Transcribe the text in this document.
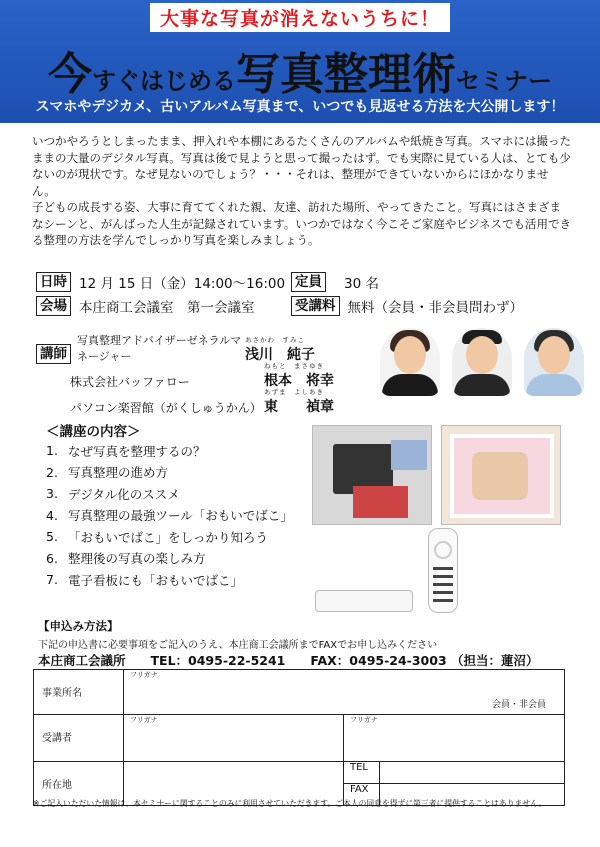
大事な写真が消えないうちに！
今すぐはじめる写真整理術セミナー
スマホやデジカメ、古いアルバム写真まで、いつでも見返せる方法を大公開します！

いつかやろうとしまったまま、押入れや本棚にあるたくさんのアルバムや紙焼き写真。スマホには撮ったままの大量のデジタル写真。写真は後で見ようと思って撮ったはず。でも実際に見ている人は、とても少ないのが現状です。なぜ見ないのでしょう？・・・それは、整理ができていないからにほかなりません。

子どもの成長する姿、大事に育ててくれた親、友達、訪れた場所、やってきたこと。写真にはさまざまなシーンと、がんばった人生が記録されています。いつかではなく今こそご家庭やビジネスでも活用できる整理の方法を学んでしっかり写真を楽しみましょう。

日時 12 月 15 日（金）14:00～16:00 定員 30 名
会場 本庄商工会議室　第一会議室	受講料 無料（会員・非会員問わず）
講師
写真整理アドバイザーゼネラルマネージャー
あさかわ　すみこ
浅川　純子
株式会社バッファロー
ねもと　まさゆき
根本　将幸
パソコン楽習館（がくしゅうかん）
あずま　よしあき
東　　禎章
＜講座の内容＞
1. なぜ写真を整理するの？
2. 写真整理の進め方
3. デジタル化のススメ
4. 写真整理の最強ツール「おもいでばこ」
5. 「おもいでばこ」をしっかり知ろう
6. 整理後の写真の楽しみ方
7. 電子看板にも「おもいでばこ」
【申込み方法】
下記の申込書に必要事項をご記入のうえ、本庄商工会議所までFAXでお申し込みください
本庄商工会議所　　TEL：0495-22-5241　　FAX：0495-24-3003 （担当：蓮沼）
事業所名	フリガナ
会員・非会員		

受講者	フリガナ	フリガナ	

所在地		TEL	
		FAX	
※ご記入いただいた情報は、本セミナーに関することのみに利用させていただきます。ご本人の同意を得ずに第三者に提供することはありません。
